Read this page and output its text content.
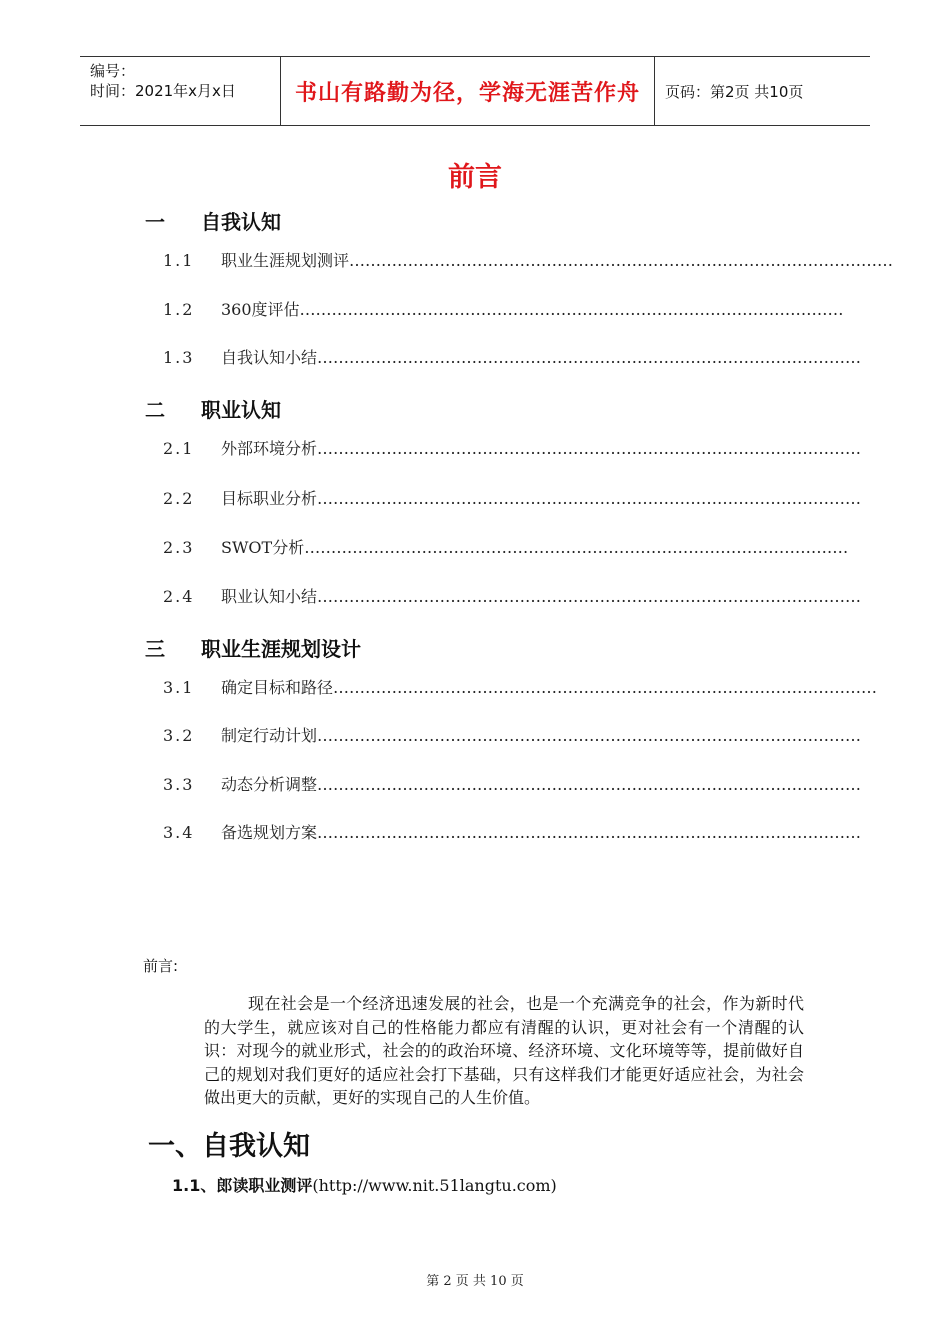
编号：
时间：2021年x月x日	书山有路勤为径，学海无涯苦作舟 页码：第2页 共10页
前言
一 自我认知
1.1 职业生涯规划测评…………………………………………………………………………………………
1.2 360度评估…………………………………………………………………………………………
1.3 自我认知小结…………………………………………………………………………………………
二 职业认知
2.1 外部环境分析…………………………………………………………………………………………
2.2 目标职业分析…………………………………………………………………………………………
2.3 SWOT分析…………………………………………………………………………………………
2.4 职业认知小结…………………………………………………………………………………………
三 职业生涯规划设计
3.1 确定目标和路径…………………………………………………………………………………………
3.2 制定行动计划…………………………………………………………………………………………
3.3 动态分析调整…………………………………………………………………………………………
3.4 备选规划方案…………………………………………………………………………………………
前言:
现在社会是一个经济迅速发展的社会，也是一个充满竞争的社会，作为新时代的大学生，就应该对自己的性格能力都应有清醒的认识，更对社会有一个清醒的认识：对现今的就业形式，社会的的政治环境、经济环境、文化环境等等，提前做好自己的规划对我们更好的适应社会打下基础，只有这样我们才能更好适应社会，为社会做出更大的贡献，更好的实现自己的人生价值。
一、自我认知
1.1、郎读职业测评(http://www.nit.51langtu.com)
第 2 页 共 10 页
